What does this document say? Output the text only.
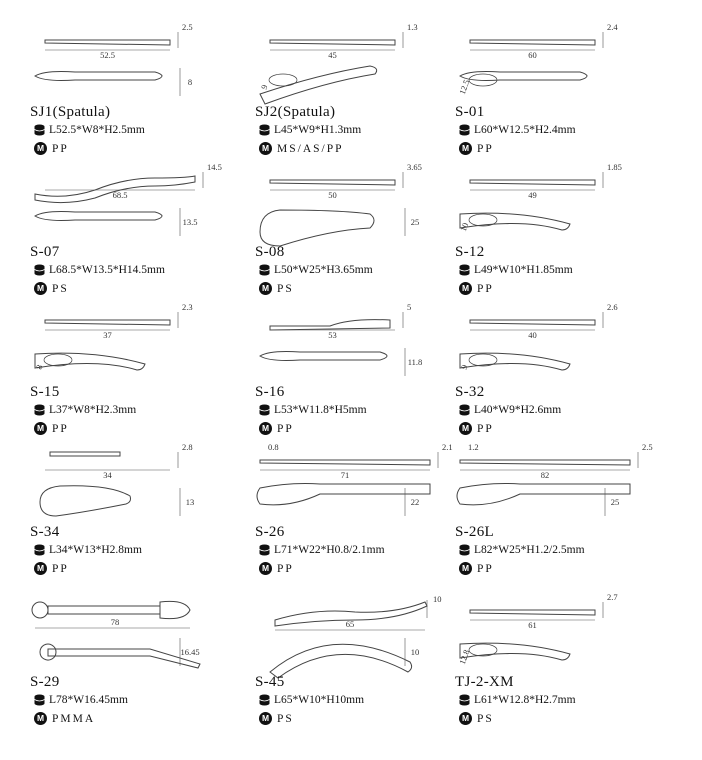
52.5
2.5
8
SJ1(Spatula)
L52.5*W8*H2.5mm
M PP
45
1.3
9
SJ2(Spatula)
L45*W9*H1.3mm
M MS/AS/PP
60
2.4
12.5
S-01
L60*W12.5*H2.4mm
M PP
68.5
14.5
13.5
S-07
L68.5*W13.5*H14.5mm
M PS
50
3.65
25
S-08
L50*W25*H3.65mm
M PS
49
1.85
10
S-12
L49*W10*H1.85mm
M PP
37
2.3
8
S-15
L37*W8*H2.3mm
M PP
53
5
11.8
S-16
L53*W11.8*H5mm
M PP
40
2.6
9
S-32
L40*W9*H2.6mm
M PP
34
2.8
13
S-34
L34*W13*H2.8mm
M PP
71
2.1
0.8
22
S-26
L71*W22*H0.8/2.1mm
M PP
82
2.5
1.2
25
S-26L
L82*W25*H1.2/2.5mm
M PP
78
16.45
S-29
L78*W16.45mm
M PMMA
65
10
10
S-45
L65*W10*H10mm
M PS
61
2.7
12.8
TJ-2-XM
L61*W12.8*H2.7mm
M PS
